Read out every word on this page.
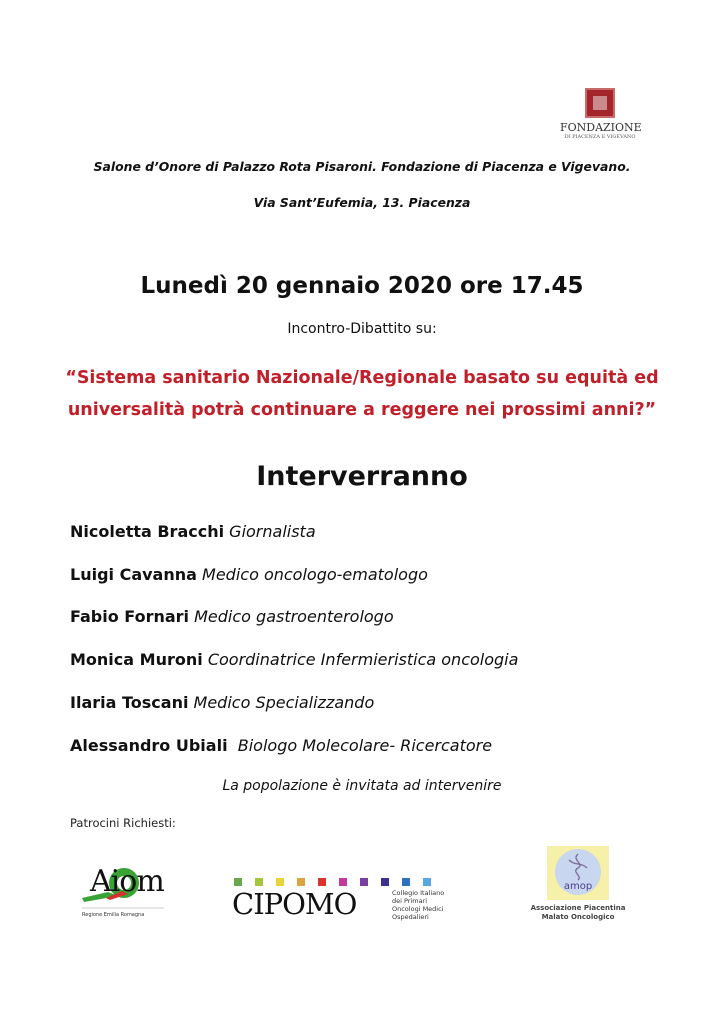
FONDAZIONE
DI PIACENZA E VIGEVANO
Salone d’Onore di Palazzo Rota Pisaroni. Fondazione di Piacenza e Vigevano.
Via Sant’Eufemia, 13. Piacenza
Lunedì 20 gennaio 2020 ore 17.45
Incontro-Dibattito su:
“Sistema sanitario Nazionale/Regionale basato su equità ed
universalità potrà continuare a reggere nei prossimi anni?”
Interverranno
Nicoletta Bracchi Giornalista
Luigi Cavanna Medico oncologo-ematologo
Fabio Fornari Medico gastroenterologo
Monica Muroni Coordinatrice Infermieristica oncologia
Ilaria Toscani Medico Specializzando
Alessandro Ubiali  Biologo Molecolare- Ricercatore
La popolazione è invitata ad intervenire
Patrocini Richiesti:
Aiom
Regione Emilia Romagna	CIPOMO	Collegio Italiano
dei Primari
Oncologi Medici
Ospedalieri
amop
Associazione Piacentina
Malato Oncologico
